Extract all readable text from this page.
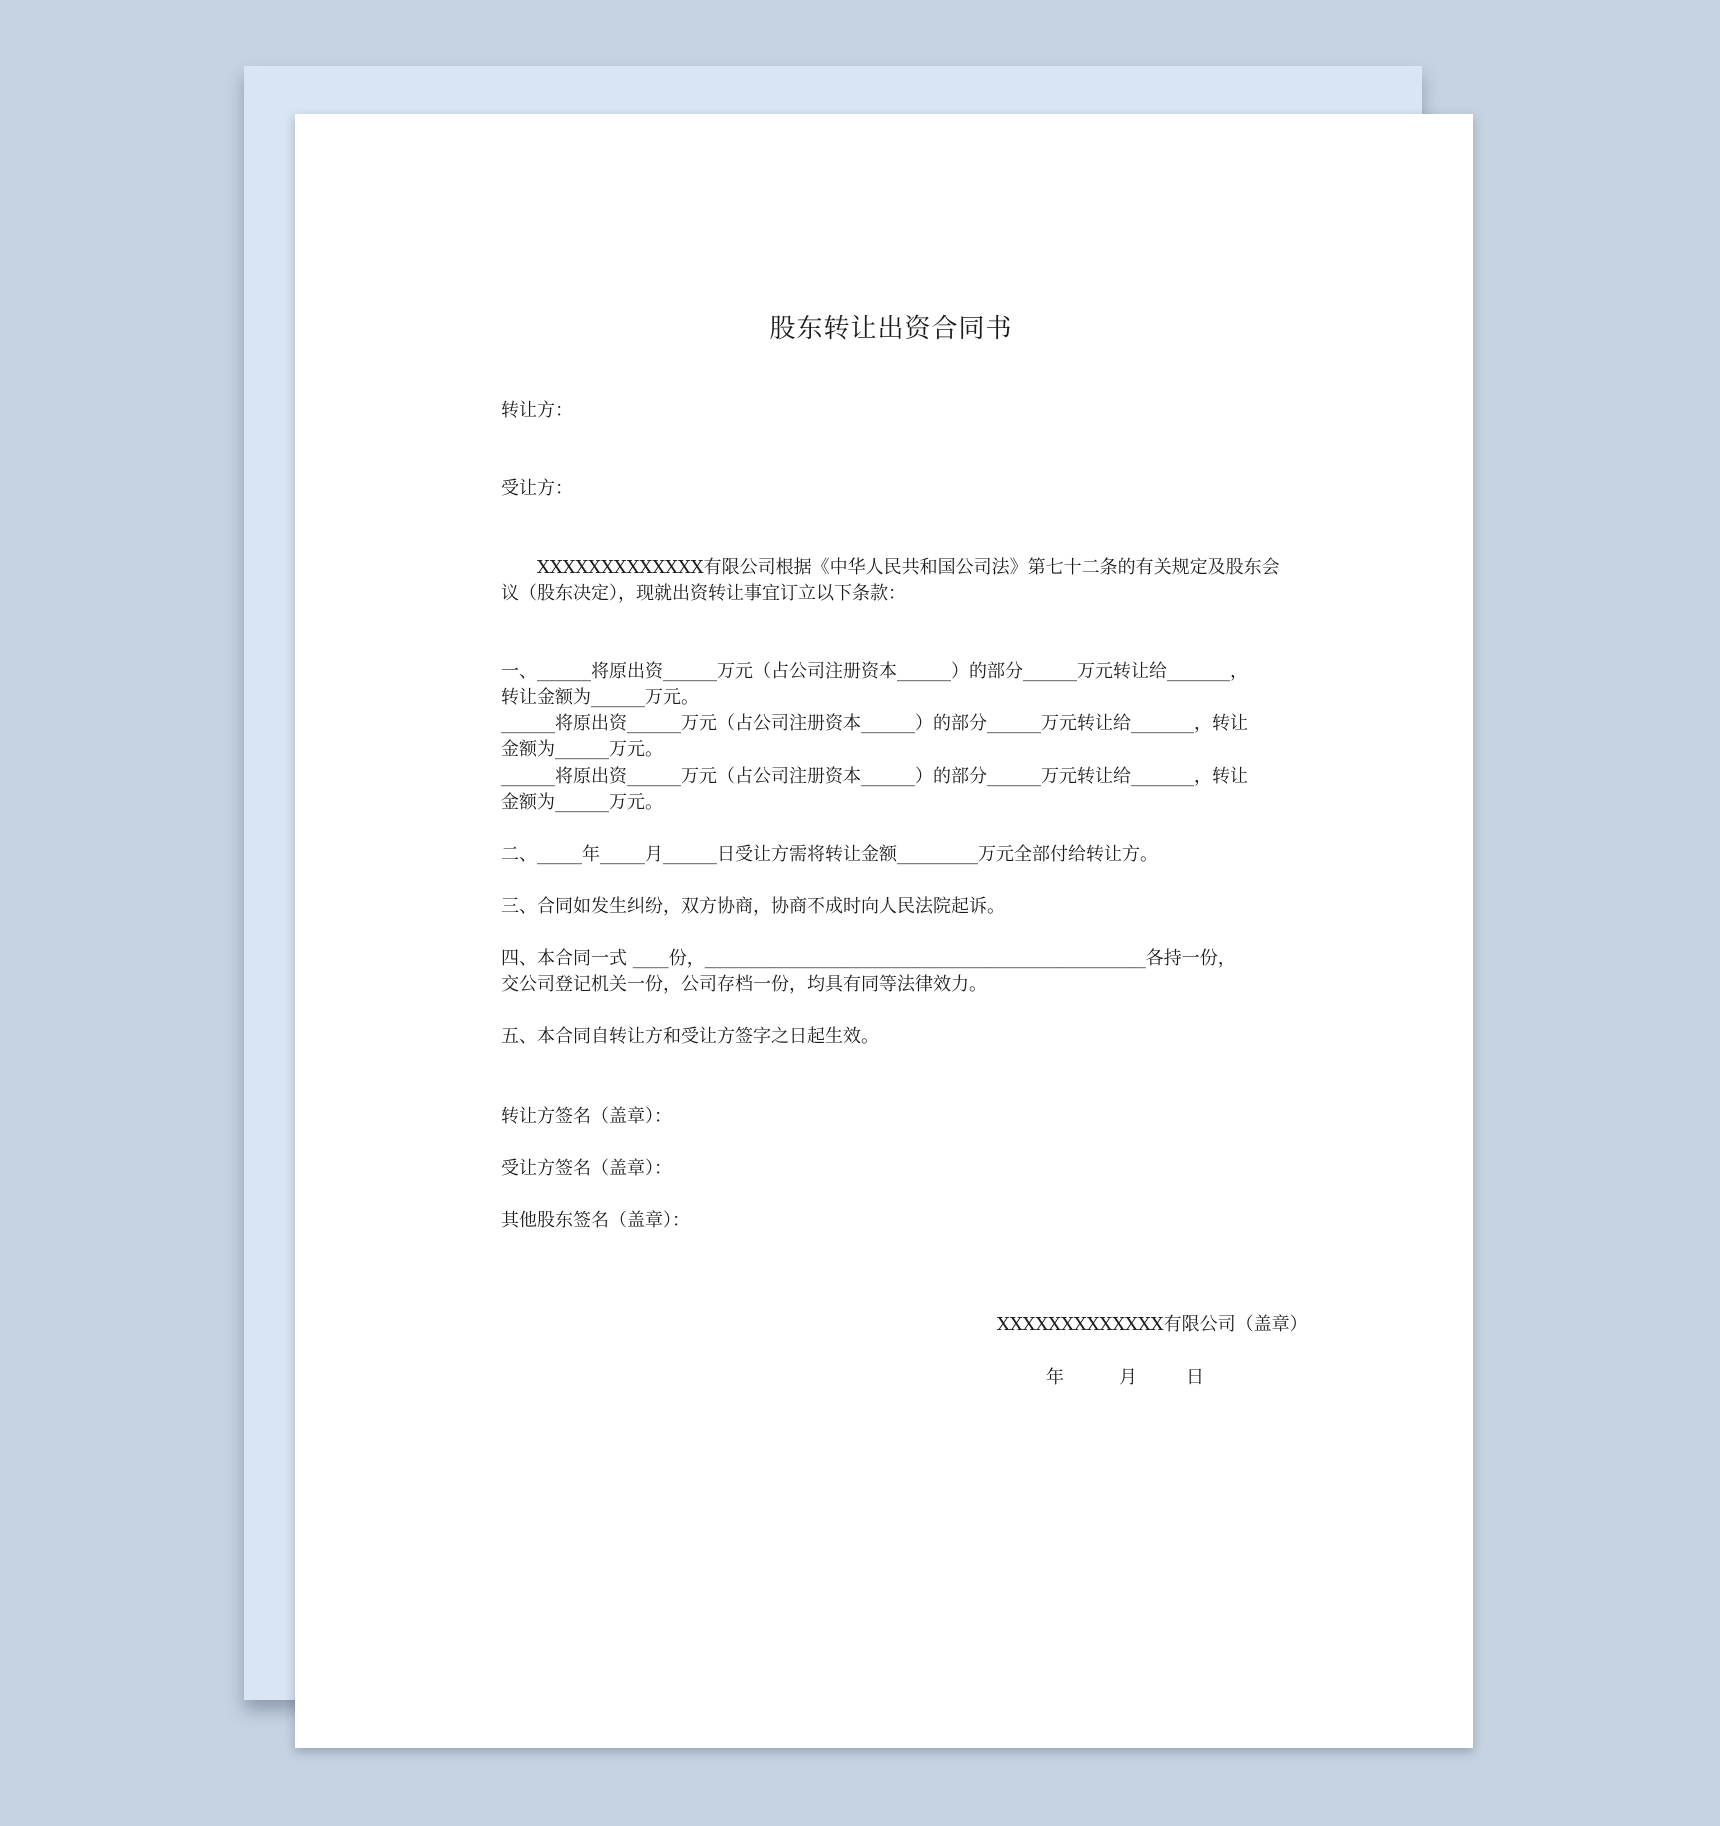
股东转让出资合同书

转让方：

受让方：

XXXXXXXXXXXXX有限公司根据《中华人民共和国公司法》第七十二条的有关规定及股东会

议（股东决定），现就出资转让事宜订立以下条款：

一、______将原出资______万元（占公司注册资本______）的部分______万元转让给_______，

转让金额为______万元。

______将原出资______万元（占公司注册资本______）的部分______万元转让给_______，转让

金额为______万元。

______将原出资______万元（占公司注册资本______）的部分______万元转让给_______，转让

金额为______万元。

二、_____年_____月______日受让方需将转让金额_________万元全部付给转让方。

三、合同如发生纠纷，双方协商，协商不成时向人民法院起诉。

四、本合同一式 ____份，_________________________________________________各持一份，

交公司登记机关一份，公司存档一份，均具有同等法律效力。

五、本合同自转让方和受让方签字之日起生效。

转让方签名（盖章）：

受让方签名（盖章）：

其他股东签名（盖章）：

XXXXXXXXXXXXX有限公司（盖章）

年	月	日
